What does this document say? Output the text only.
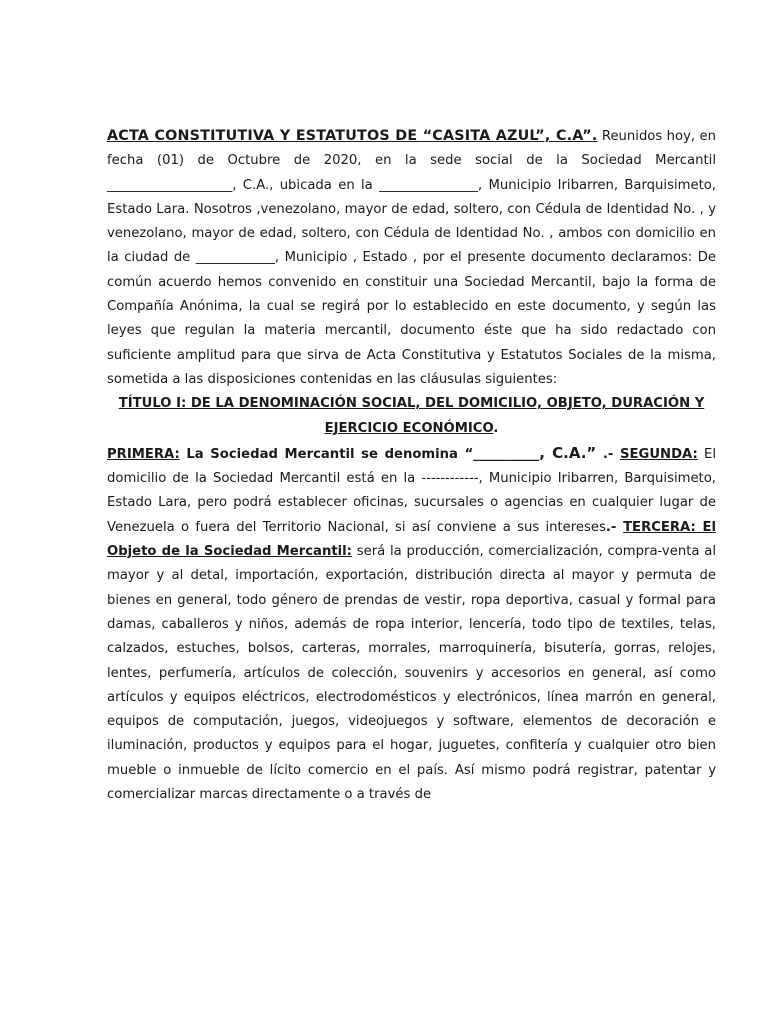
ACTA CONSTITUTIVA Y ESTATUTOS DE “CASITA AZUL”, C.A”. Reunidos hoy, en fecha (01) de Octubre de 2020, en la sede social de la Sociedad Mercantil ___________________, C.A., ubicada en la _______________, Municipio Iribarren, Barquisimeto, Estado Lara. Nosotros ,venezolano, mayor de edad, soltero, con Cédula de Identidad No. , y venezolano, mayor de edad, soltero, con Cédula de Identidad No. , ambos con domicilio en la ciudad de ____________, Municipio , Estado , por el presente documento declaramos: De común acuerdo hemos convenido en constituir una Sociedad Mercantil, bajo la forma de Compañía Anónima, la cual se regirá por lo establecido en este documento, y según las leyes que regulan la materia mercantil, documento éste que ha sido redactado con suficiente amplitud para que sirva de Acta Constitutiva y Estatutos Sociales de la misma, sometida a las disposiciones contenidas en las cláusulas siguientes:

TÍTULO I: DE LA DENOMINACIÓN SOCIAL, DEL DOMICILIO, OBJETO, DURACIÓN Y EJERCICIO ECONÓMICO.

PRIMERA: La Sociedad Mercantil se denomina “__________, C.A.” .- SEGUNDA: El domicilio de la Sociedad Mercantil está en la ------------, Municipio Iribarren, Barquisimeto, Estado Lara, pero podrá establecer oficinas, sucursales o agencias en cualquier lugar de Venezuela o fuera del Territorio Nacional, si así conviene a sus intereses.- TERCERA: El Objeto de la Sociedad Mercantil: será la producción, comercialización, compra-venta al mayor y al detal, importación, exportación, distribución directa al mayor y permuta de bienes en general, todo género de prendas de vestir, ropa deportiva, casual y formal para damas, caballeros y niños, además de ropa interior, lencería, todo tipo de textiles, telas, calzados, estuches, bolsos, carteras, morrales, marroquinería, bisutería, gorras, relojes, lentes, perfumería, artículos de colección, souvenirs y accesorios en general, así como artículos y equipos eléctricos, electrodomésticos y electrónicos, línea marrón en general, equipos de computación, juegos, videojuegos y software, elementos de decoración e iluminación, productos y equipos para el hogar, juguetes, confitería y cualquier otro bien mueble o inmueble de lícito comercio en el país. Así mismo podrá registrar, patentar y comercializar marcas directamente o a través de
